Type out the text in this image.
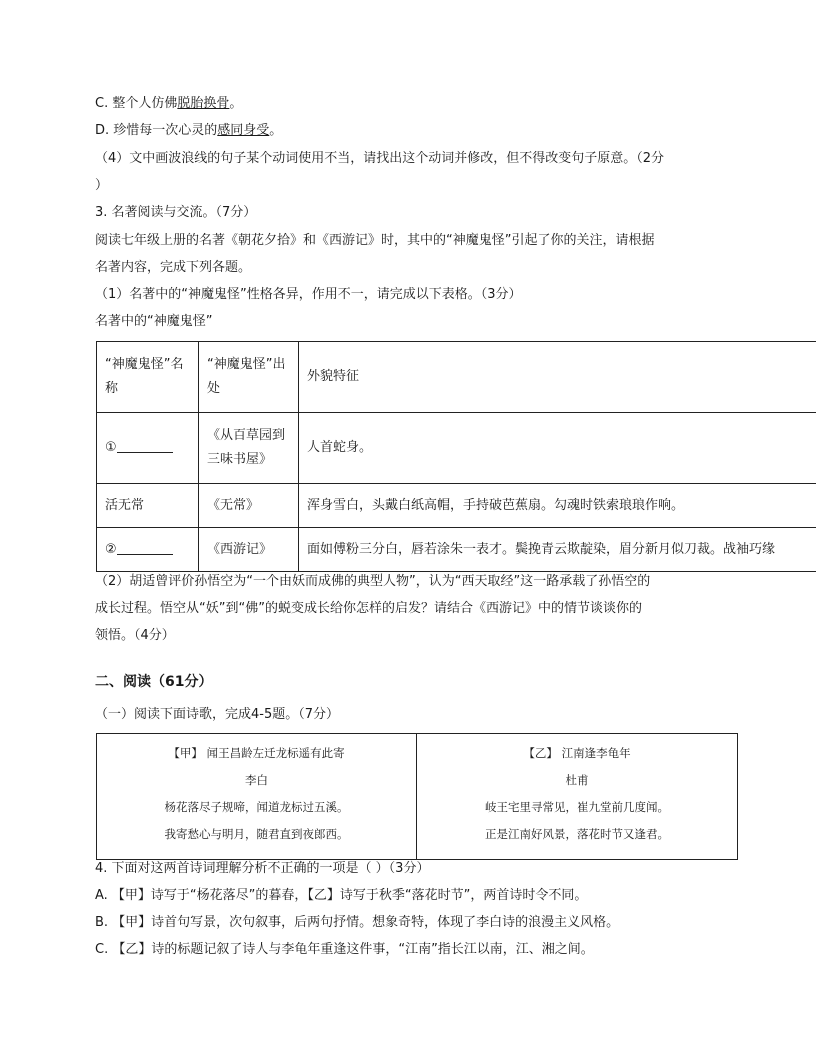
C. 整个人仿佛脱胎换骨。
D. 珍惜每一次心灵的感同身受。
（4）文中画波浪线的句子某个动词使用不当，请找出这个动词并修改，但不得改变句子原意。（2分
）
3. 名著阅读与交流。（7分）
阅读七年级上册的名著《朝花夕拾》和《西游记》时，其中的“神魔鬼怪”引起了你的关注，请根据
名著内容，完成下列各题。
（1）名著中的“神魔鬼怪”性格各异，作用不一，请完成以下表格。（3分）
名著中的“神魔鬼怪”
“神魔鬼怪”名称	“神魔鬼怪”出处	外貌特征
①	《从百草园到三味书屋》	人首蛇身。
活无常	《无常》	浑身雪白，头戴白纸高帽，手持破芭蕉扇。勾魂时铁索琅琅作响。
②	《西游记》	面如傅粉三分白，唇若涂朱一表才。鬓挽青云欺靛染，眉分新月似刀裁。战袖巧缘
（2）胡适曾评价孙悟空为“一个由妖而成佛的典型人物”，认为“西天取经”这一路承载了孙悟空的
成长过程。悟空从“妖”到“佛”的蜕变成长给你怎样的启发？请结合《西游记》中的情节谈谈你的
领悟。（4分）
二、阅读（61分）
（一）阅读下面诗歌，完成4-5题。（7分）
【甲】 闻王昌龄左迁龙标遥有此寄
李白
杨花落尽子规啼，闻道龙标过五溪。
我寄愁心与明月，随君直到夜郎西。

【乙】 江南逢李龟年
杜甫
岐王宅里寻常见，崔九堂前几度闻。
正是江南好风景，落花时节又逢君。
4. 下面对这两首诗词理解分析不正确的一项是（ ）（3分）
A. 【甲】诗写于“杨花落尽”的暮春，【乙】诗写于秋季“落花时节”，两首诗时令不同。
B. 【甲】诗首句写景，次句叙事，后两句抒情。想象奇特，体现了李白诗的浪漫主义风格。
C. 【乙】诗的标题记叙了诗人与李龟年重逢这件事，“江南”指长江以南，江、湘之间。
